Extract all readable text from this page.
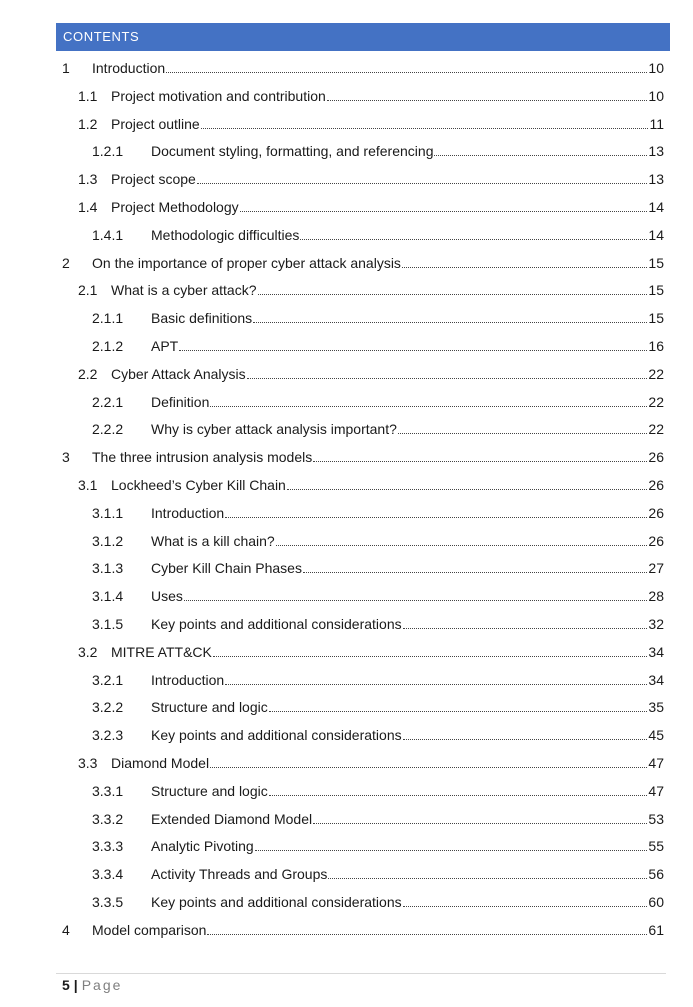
CONTENTS
1	Introduction	10
1.1 Project motivation and contribution	10
1.2 Project outline	11
1.2.1	Document styling, formatting, and referencing	13
1.3 Project scope	13
1.4 Project Methodology	14
1.4.1	Methodologic difficulties	14
2	On the importance of proper cyber attack analysis	15
2.1 What is a cyber attack?	15
2.1.1	Basic definitions	15
2.1.2	APT	16
2.2 Cyber Attack Analysis	22
2.2.1	Definition	22
2.2.2	Why is cyber attack analysis important?	22
3	The three intrusion analysis models	26
3.1 Lockheed’s Cyber Kill Chain	26
3.1.1	Introduction	26
3.1.2	What is a kill chain?	26
3.1.3	Cyber Kill Chain Phases	27
3.1.4	Uses	28
3.1.5	Key points and additional considerations	32
3.2 MITRE ATT&CK	34
3.2.1	Introduction	34
3.2.2	Structure and logic	35
3.2.3	Key points and additional considerations	45
3.3 Diamond Model	47
3.3.1	Structure and logic	47
3.3.2	Extended Diamond Model	53
3.3.3	Analytic Pivoting	55
3.3.4	Activity Threads and Groups	56
3.3.5	Key points and additional considerations	60
4	Model comparison	61
5 | Page
